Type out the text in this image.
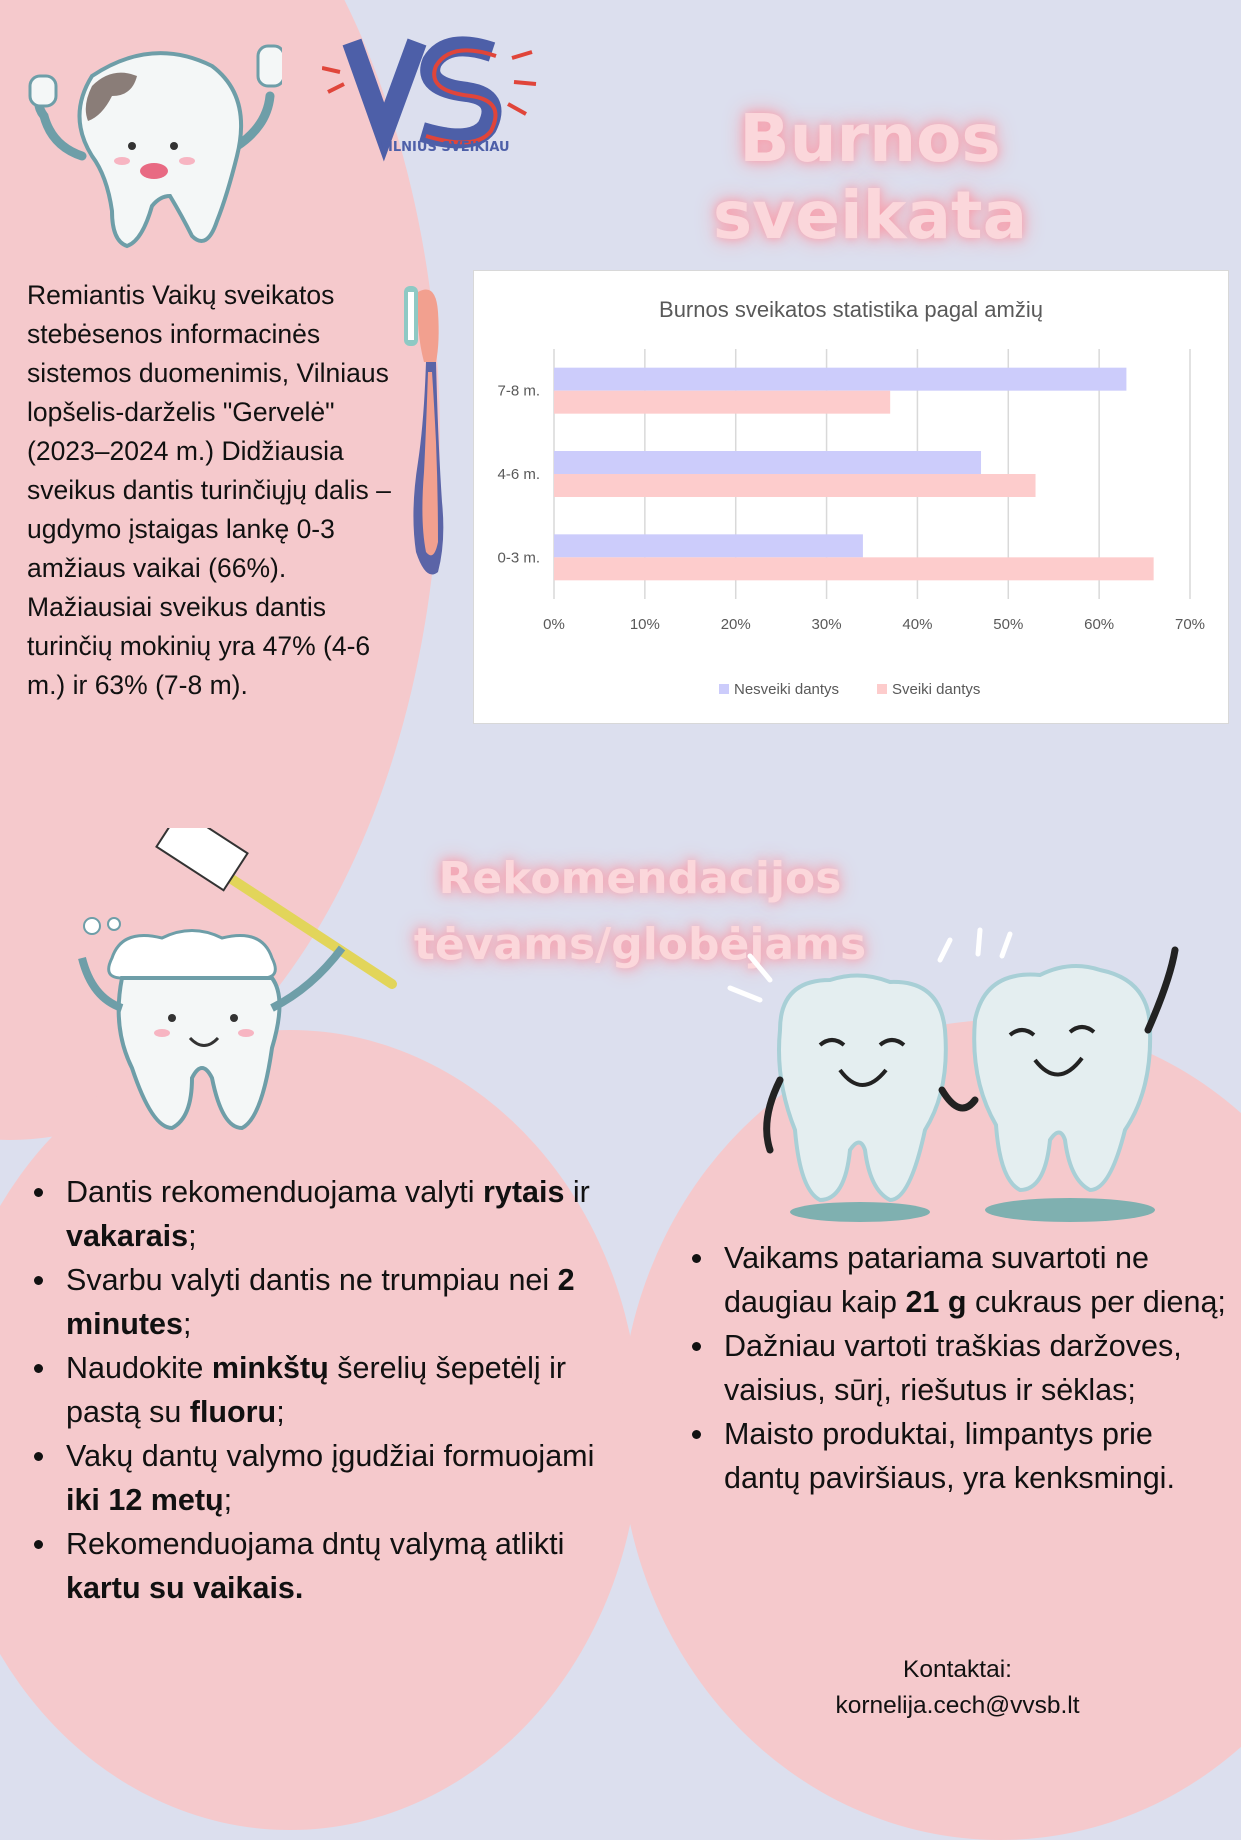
VILNIUS SVEIKIAU	Burnos sveikata
Remiantis Vaikų sveikatos stebėsenos informacinės sistemos duomenimis, Vilniaus lopšelis-darželis "Gervelė" (2023–2024 m.) Didžiausia sveikus dantis turinčiųjų dalis – ugdymo įstaigas lankę 0-3 amžiaus vaikai (66%). Mažiausiai sveikus dantis turinčių mokinių yra 47% (4-6 m.) ir 63% (7-8 m).
Burnos sveikatos statistika pagal amžių
0%	10%	20%	30%	40%	50%	60%	70%
7-8 m.
4-6 m.
0-3 m.
Nesveiki dantys	Sveiki dantys
Rekomendacijos
tėvams/globėjams
Dantis rekomenduojama valyti rytais ir vakarais;
Svarbu valyti dantis ne trumpiau nei 2 minutes;
Naudokite minkštų šerelių šepetėlį ir pastą su fluoru;
Vakų dantų valymo įgudžiai formuojami iki 12 metų;
Rekomenduojama dntų valymą atlikti kartu su vaikais.
Vaikams patariama suvartoti ne daugiau kaip 21 g cukraus per dieną;
Dažniau vartoti traškias daržoves, vaisius, sūrį, riešutus ir sėklas;
Maisto produktai, limpantys prie dantų paviršiaus, yra kenksmingi.
Kontaktai:
kornelija.cech@vvsb.lt
